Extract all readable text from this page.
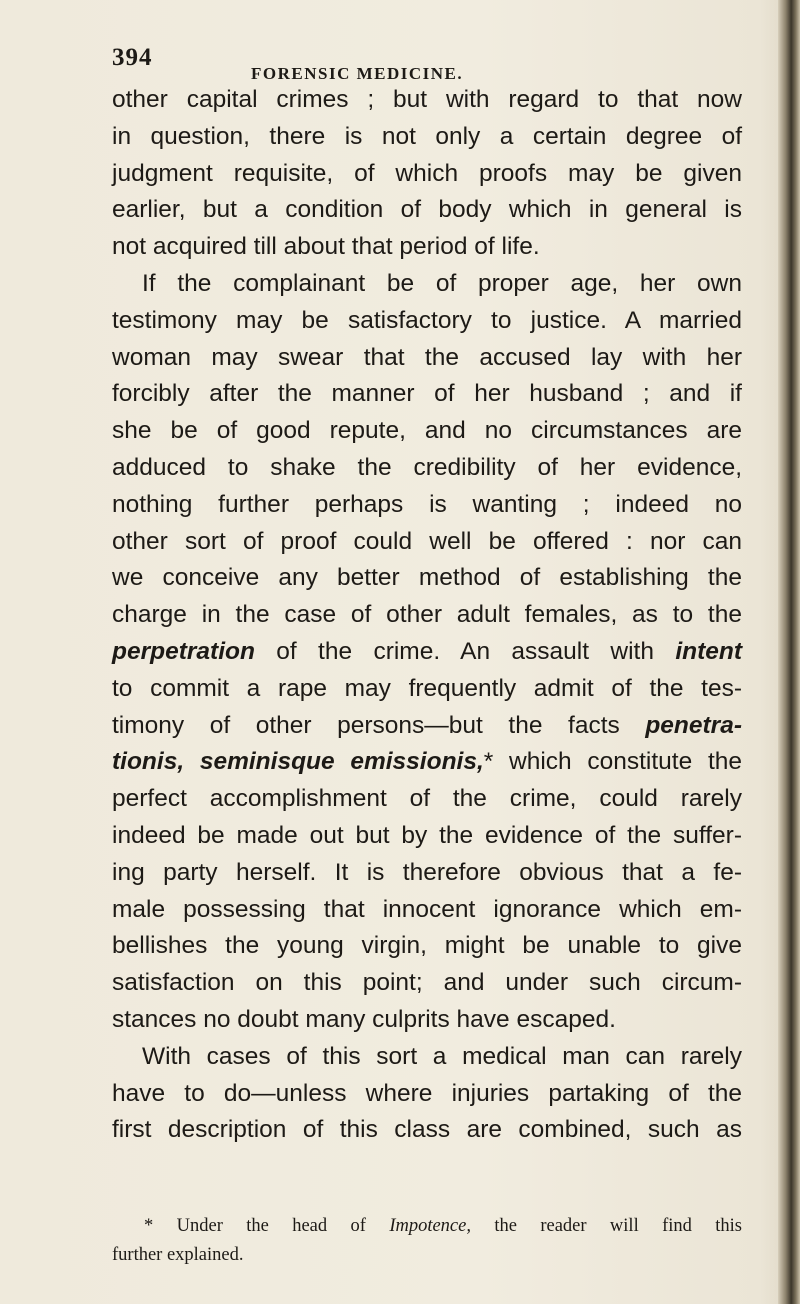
394
FORENSIC MEDICINE.
other capital crimes ; but with regard to that now
in question, there is not only a certain degree of
judgment requisite, of which proofs may be given
earlier, but a condition of body which in general is
not acquired till about that period of life.
If the complainant be of proper age, her own
testimony may be satisfactory to justice. A married
woman may swear that the accused lay with her
forcibly after the manner of her husband ; and if
she be of good repute, and no circumstances are
adduced to shake the credibility of her evidence,
nothing further perhaps is wanting ; indeed no
other sort of proof could well be offered : nor can
we conceive any better method of establishing the
charge in the case of other adult females, as to the
perpetration of the crime. An assault with intent
to commit a rape may frequently admit of the tes-
timony of other persons—but the facts penetra-
tionis, seminisque emissionis,* which constitute the
perfect accomplishment of the crime, could rarely
indeed be made out but by the evidence of the suffer-
ing party herself. It is therefore obvious that a fe-
male possessing that innocent ignorance which em-
bellishes the young virgin, might be unable to give
satisfaction on this point; and under such circum-
stances no doubt many culprits have escaped.
With cases of this sort a medical man can rarely
have to do—unless where injuries partaking of the
first description of this class are combined, such as
* Under the head of Impotence, the reader will find this
further explained.
